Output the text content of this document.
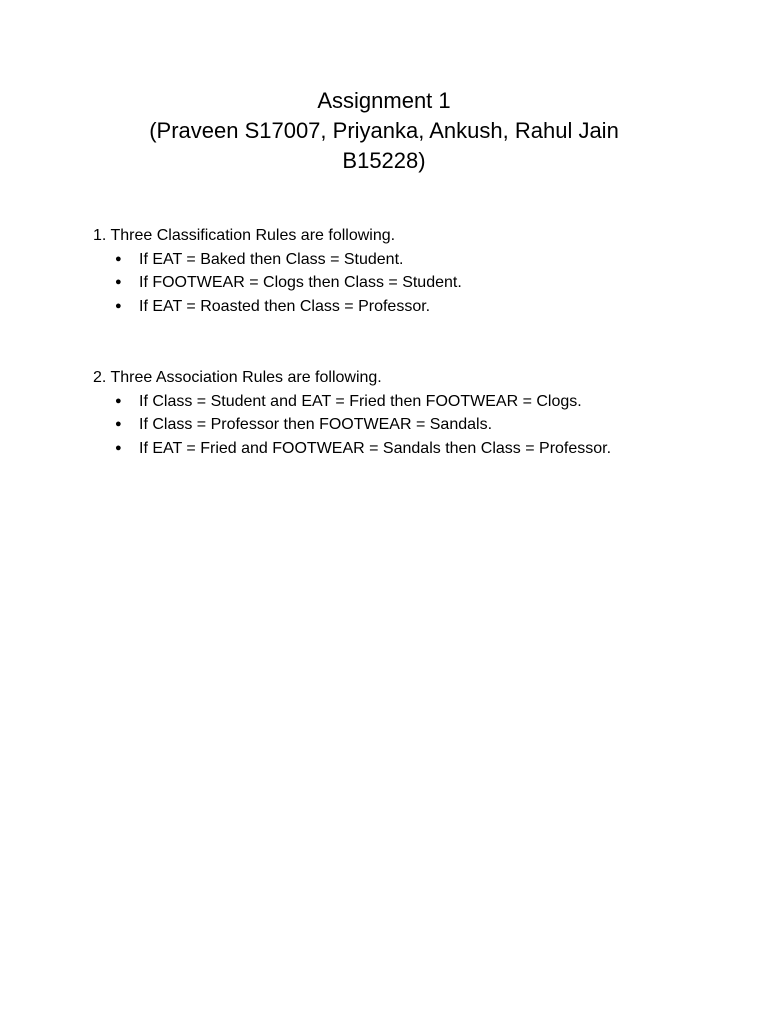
Assignment 1
(Praveen S17007, Priyanka, Ankush, Rahul Jain
B15228)
1. Three Classification Rules are following.
● If EAT = Baked then Class = Student.
● If FOOTWEAR = Clogs then Class = Student.
● If EAT = Roasted then Class = Professor.
2. Three Association Rules are following.
● If Class = Student and EAT = Fried then FOOTWEAR = Clogs.
● If Class = Professor then FOOTWEAR = Sandals.
● If EAT = Fried and FOOTWEAR = Sandals then Class = Professor.
